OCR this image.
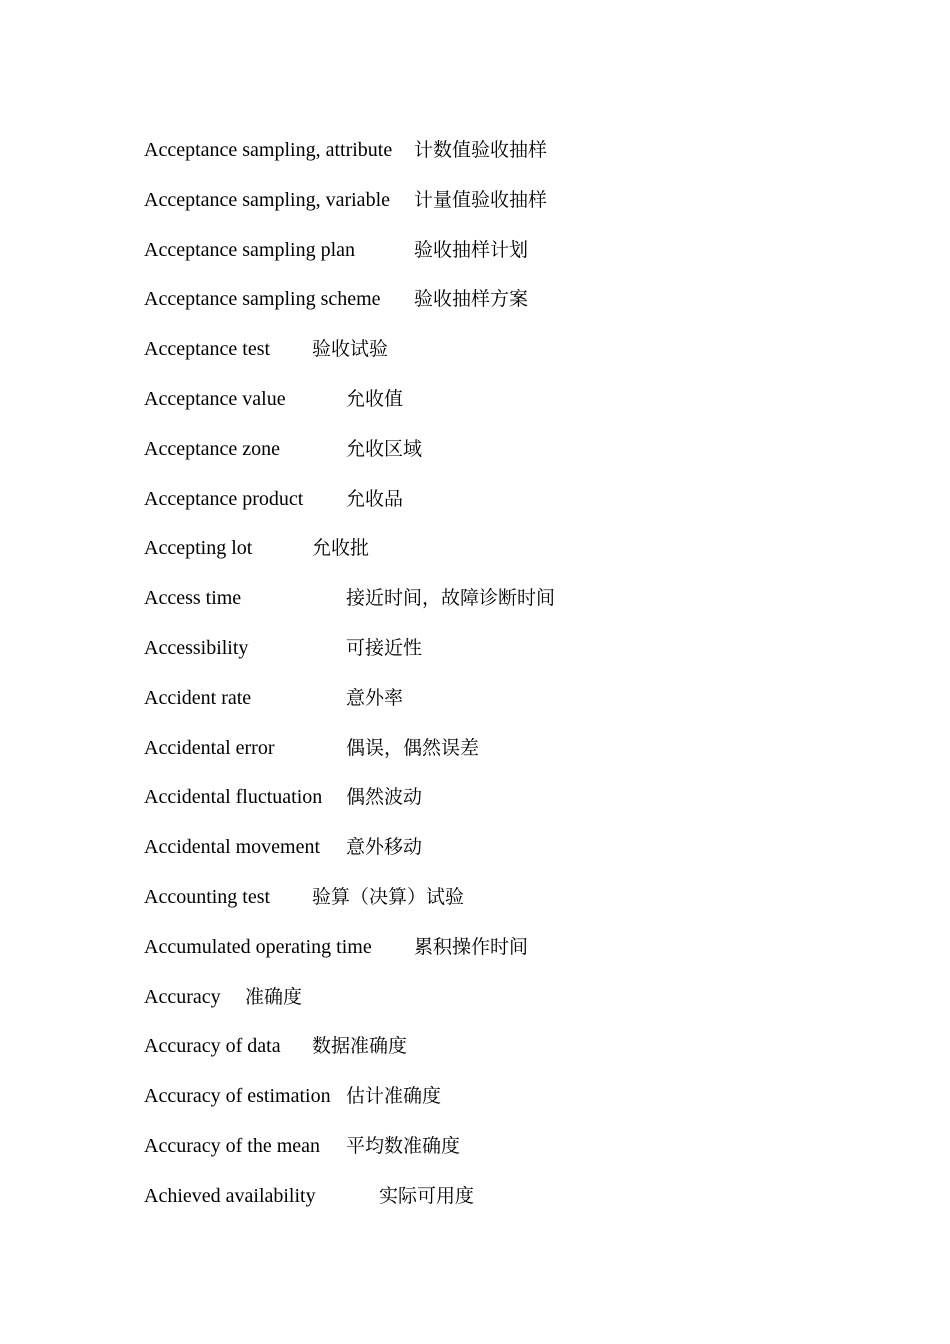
Acceptance sampling, attribute 计数值验收抽样
Acceptance sampling, variable 计量值验收抽样
Acceptance sampling plan	验收抽样计划
Acceptance sampling scheme 验收抽样方案
Acceptance test 验收试验
Acceptance value	允收值
Acceptance zone	允收区域
Acceptance product 允收品
Accepting lot	允收批
Access time	接近时间，故障诊断时间
Accessibility	可接近性
Accident rate	意外率
Accidental error	偶误，偶然误差
Accidental fluctuation 偶然波动
Accidental movement 意外移动
Accounting test 验算（决算）试验
Accumulated operating time 累积操作时间
Accuracy 准确度
Accuracy of data 数据准确度
Accuracy of estimation 估计准确度
Accuracy of the mean 平均数准确度
Achieved availability	实际可用度
